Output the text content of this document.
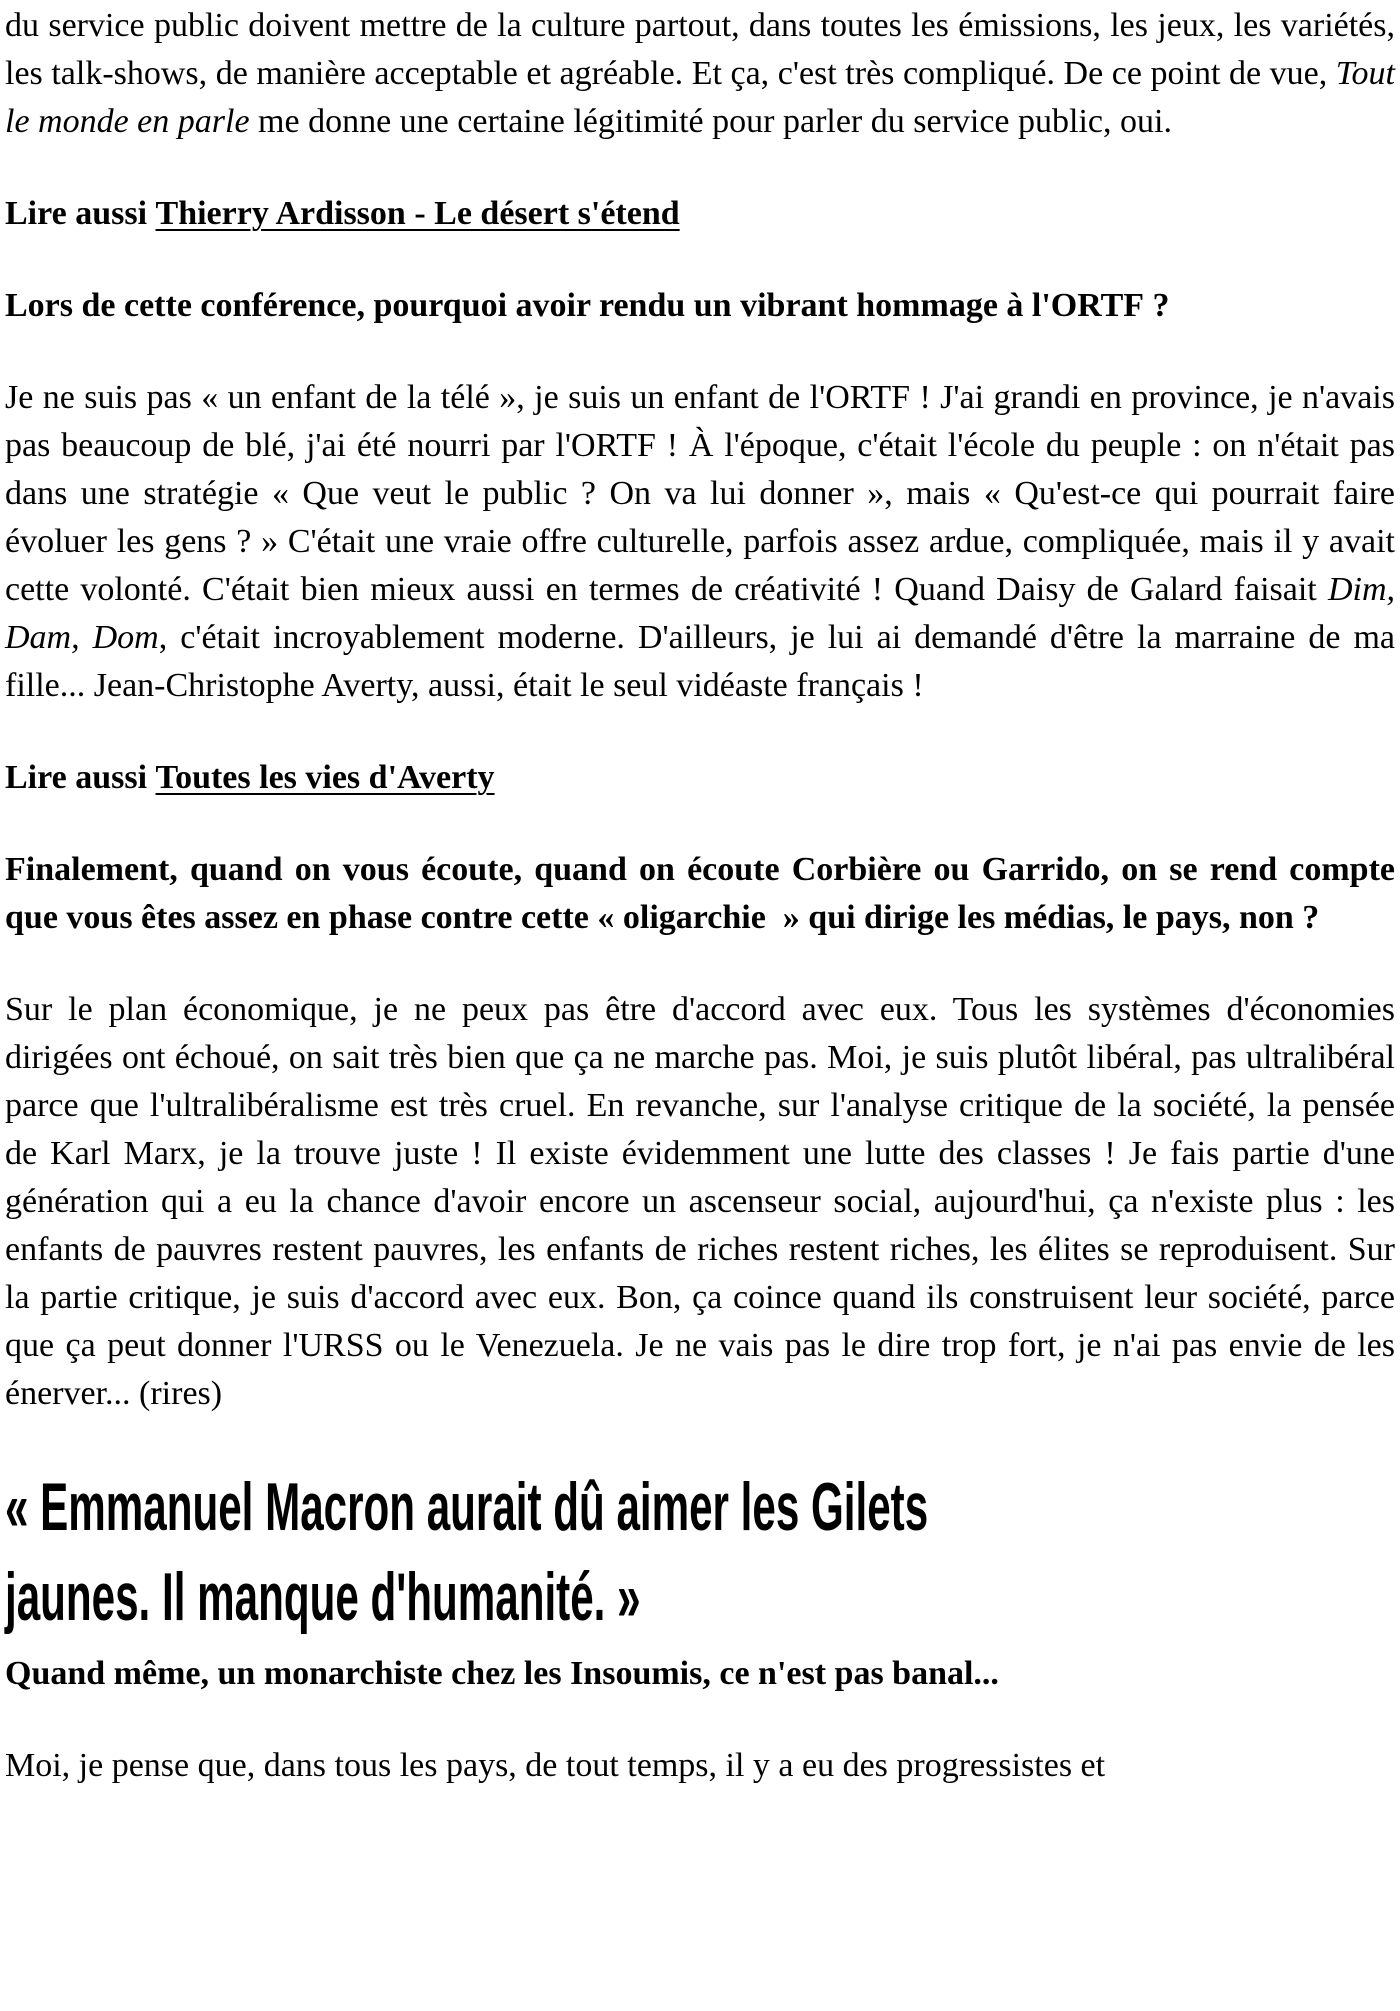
du service public doivent mettre de la culture partout, dans toutes les émissions, les jeux, les variétés, les talk-shows, de manière acceptable et agréable. Et ça, c'est très compliqué. De ce point de vue, Tout le monde en parle me donne une certaine légitimité pour parler du service public, oui.

Lire aussi Thierry Ardisson - Le désert s'étend

Lors de cette conférence, pourquoi avoir rendu un vibrant hommage à l'ORTF ?

Je ne suis pas « un enfant de la télé », je suis un enfant de l'ORTF ! J'ai grandi en province, je n'avais pas beaucoup de blé, j'ai été nourri par l'ORTF ! À l'époque, c'était l'école du peuple : on n'était pas dans une stratégie « Que veut le public ? On va lui donner », mais « Qu'est-ce qui pourrait faire évoluer les gens ? » C'était une vraie offre culturelle, parfois assez ardue, compliquée, mais il y avait cette volonté. C'était bien mieux aussi en termes de créativité ! Quand Daisy de Galard faisait Dim, Dam, Dom, c'était incroyablement moderne. D'ailleurs, je lui ai demandé d'être la marraine de ma fille... Jean-Christophe Averty, aussi, était le seul vidéaste français !

Lire aussi Toutes les vies d'Averty

Finalement, quand on vous écoute, quand on écoute Corbière ou Garrido, on se rend compte que vous êtes assez en phase contre cette « oligarchie  » qui dirige les médias, le pays, non ?

Sur le plan économique, je ne peux pas être d'accord avec eux. Tous les systèmes d'économies dirigées ont échoué, on sait très bien que ça ne marche pas. Moi, je suis plutôt libéral, pas ultralibéral parce que l'ultralibéralisme est très cruel. En revanche, sur l'analyse critique de la société, la pensée de Karl Marx, je la trouve juste ! Il existe évidemment une lutte des classes ! Je fais partie d'une génération qui a eu la chance d'avoir encore un ascenseur social, aujourd'hui, ça n'existe plus : les enfants de pauvres restent pauvres, les enfants de riches restent riches, les élites se reproduisent. Sur la partie critique, je suis d'accord avec eux. Bon, ça coince quand ils construisent leur société, parce que ça peut donner l'URSS ou le Venezuela. Je ne vais pas le dire trop fort, je n'ai pas envie de les énerver... (rires)

« Emmanuel Macron aurait dû aimer les Gilets
jaunes. Il manque d'humanité. »

Quand même, un monarchiste chez les Insoumis, ce n'est pas banal...

Moi, je pense que, dans tous les pays, de tout temps, il y a eu des progressistes et
